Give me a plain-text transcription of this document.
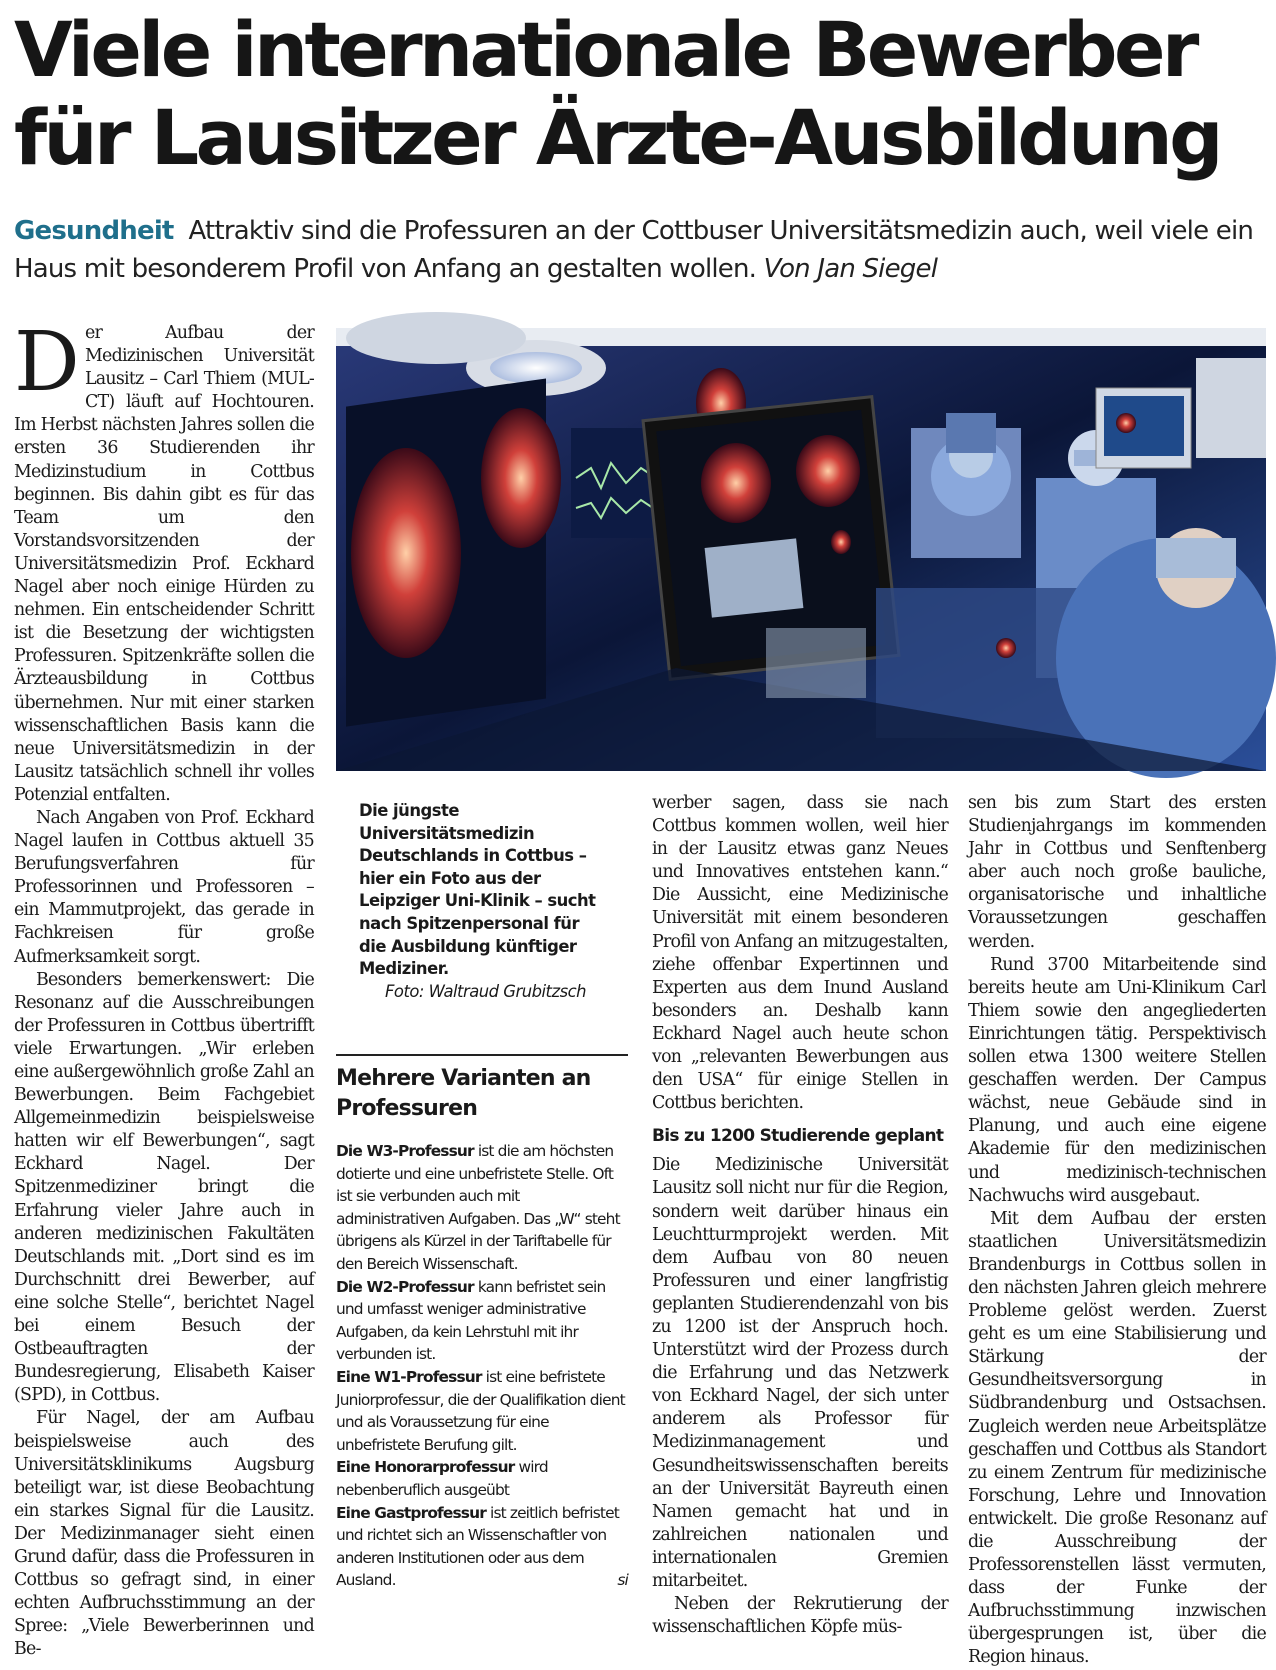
Viele internationale Bewerber
für Lausitzer Ärzte-Ausbildung
Gesundheit Attraktiv sind die Professuren an der Cottbuser Universitätsmedizin auch, weil viele ein Haus mit besonderem Profil von Anfang an gestalten wollen. Von Jan Siegel

Der Aufbau der Medizinischen Universität Lausitz – Carl Thiem (MUL-CT) läuft auf Hochtouren. Im Herbst nächsten Jahres sollen die ersten 36 Studierenden ihr Medizinstudium in Cottbus beginnen. Bis dahin gibt es für das Team um den Vorstandsvorsitzenden der Universitätsmedizin Prof. Eckhard Nagel aber noch einige Hürden zu nehmen. Ein entscheidender Schritt ist die Besetzung der wichtigsten Professuren. Spitzenkräfte sollen die Ärzteausbildung in Cottbus übernehmen. Nur mit einer starken wissenschaftlichen Basis kann die neue Universitätsmedizin in der Lausitz tatsächlich schnell ihr volles Potenzial entfalten.

Nach Angaben von Prof. Eckhard Nagel laufen in Cottbus aktuell 35 Berufungsverfahren für Professorinnen und Professoren – ein Mammutprojekt, das gerade in Fachkreisen für große Aufmerksamkeit sorgt.

Besonders bemerkenswert: Die Resonanz auf die Ausschreibungen der Professuren in Cottbus übertrifft viele Erwartungen. „Wir erleben eine außergewöhnlich große Zahl an Bewerbungen. Beim Fachgebiet Allgemeinmedizin beispielsweise hatten wir elf Bewerbungen“, sagt Eckhard Nagel. Der Spitzenmediziner bringt die Erfahrung vieler Jahre auch in anderen medizinischen Fakultäten Deutschlands mit. „Dort sind es im Durchschnitt drei Bewerber, auf eine solche Stelle“, berichtet Nagel bei einem Besuch der Ostbeauftragten der Bundesregierung, Elisabeth Kaiser (SPD), in Cottbus.

Für Nagel, der am Aufbau beispielsweise auch des Universitätsklinikums Augsburg beteiligt war, ist diese Beobachtung ein starkes Signal für die Lausitz. Der Medizinmanager sieht einen Grund dafür, dass die Professuren in Cottbus so gefragt sind, in einer echten Aufbruchsstimmung an der Spree: „Viele Bewerberinnen und Be-

Die jüngste Universitätsmedizin Deutschlands in Cottbus – hier ein Foto aus der Leipziger Uni-Klinik – sucht nach Spitzenpersonal für die Ausbildung künftiger Mediziner.
Foto: Waltraud Grubitzsch
Mehrere Varianten an Professuren
Die W3-Professur ist die am höchsten dotierte und eine unbefristete Stelle. Oft ist sie verbunden auch mit administrativen Aufgaben. Das „W“ steht übrigens als Kürzel in der Tariftabelle für den Bereich Wissenschaft.
Die W2-Professur kann befristet sein und umfasst weniger administrative Aufgaben, da kein Lehrstuhl mit ihr verbunden ist.
Eine W1-Professur ist eine befristete Juniorprofessur, die der Qualifikation dient und als Voraussetzung für eine unbefristete Berufung gilt.
Eine Honorarprofessur wird nebenberuflich ausgeübt
Eine Gastprofessur ist zeitlich befristet und richtet sich an Wissenschaftler von anderen Institutionen oder aus dem Ausland.	si

werber sagen, dass sie nach Cottbus kommen wollen, weil hier in der Lausitz etwas ganz Neues und Innovatives entstehen kann.“ Die Aussicht, eine Medizinische Universität mit einem besonderen Profil von Anfang an mitzugestalten, ziehe offenbar Expertinnen und Experten aus dem Inund Ausland besonders an. Deshalb kann Eckhard Nagel auch heute schon von „relevanten Bewerbungen aus den USA“ für einige Stellen in Cottbus berichten.

Bis zu 1200 Studierende geplant

Die Medizinische Universität Lausitz soll nicht nur für die Region, sondern weit darüber hinaus ein Leuchtturmprojekt werden. Mit dem Aufbau von 80 neuen Professuren und einer langfristig geplanten Studierendenzahl von bis zu 1200 ist der Anspruch hoch. Unterstützt wird der Prozess durch die Erfahrung und das Netzwerk von Eckhard Nagel, der sich unter anderem als Professor für Medizinmanagement und Gesundheitswissenschaften bereits an der Universität Bayreuth einen Namen gemacht hat und in zahlreichen nationalen und internationalen Gremien mitarbeitet.

Neben der Rekrutierung der wissenschaftlichen Köpfe müs-

sen bis zum Start des ersten Studienjahrgangs im kommenden Jahr in Cottbus und Senftenberg aber auch noch große bauliche, organisatorische und inhaltliche Voraussetzungen geschaffen werden.

Rund 3700 Mitarbeitende sind bereits heute am Uni-Klinikum Carl Thiem sowie den angegliederten Einrichtungen tätig. Perspektivisch sollen etwa 1300 weitere Stellen geschaffen werden. Der Campus wächst, neue Gebäude sind in Planung, und auch eine eigene Akademie für den medizinischen und medizinisch-technischen Nachwuchs wird ausgebaut.

Mit dem Aufbau der ersten staatlichen Universitätsmedizin Brandenburgs in Cottbus sollen in den nächsten Jahren gleich mehrere Probleme gelöst werden. Zuerst geht es um eine Stabilisierung und Stärkung der Gesundheitsversorgung in Südbrandenburg und Ostsachsen. Zugleich werden neue Arbeitsplätze geschaffen und Cottbus als Standort zu einem Zentrum für medizinische Forschung, Lehre und Innovation entwickelt. Die große Resonanz auf die Ausschreibung der Professorenstellen lässt vermuten, dass der Funke der Aufbruchsstimmung inzwischen übergesprungen ist, über die Region hinaus.
